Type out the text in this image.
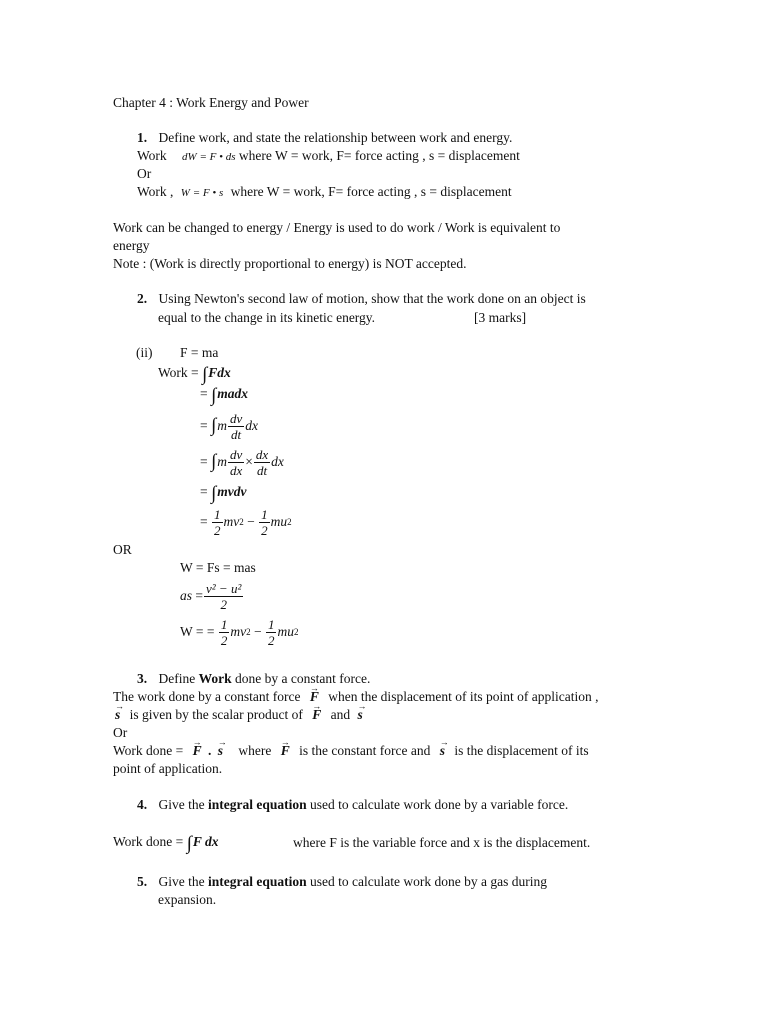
Chapter 4 : Work Energy and Power
1. Define work, and state the relationship between work and energy.
Work dW = F • ds where W = work, F= force acting , s = displacement
Or
Work , W = F • s where W = work, F= force acting , s = displacement
Work can be changed to energy / Energy is used to do work / Work is equivalent to
energy
Note : (Work is directly proportional to energy) is NOT accepted.
2. Using Newton's second law of motion, show that the work done on an object is
equal to the change in its kinetic energy.	[3 marks]
(ii) F = ma
Work = ∫Fdx
= ∫madx
=
∫ m $\frac{dv}{dt}$ dx
=
∫ m $\frac{dv}{dx} \times \frac{dx}{dt}$ dx
= ∫mvdv
=
$\frac{1}{2}$ mv 2
−
$\frac{1}{2}$ mu 2
OR
W = Fs = mas
as
= $\frac{\text{v² − u²}}{2}$
W = =
$\frac{1}{2}$ mv 2
−
$\frac{1}{2}$ mu 2
3. Define Work done by a constant force.
The work done by a constant force → F when the displacement of its point of application ,
→ s is given by the scalar product of → F and → s
Or
Work done = → F . → s where → F is the constant force and → s is the displacement of its
point of application.
4. Give the integral equation used to calculate work done by a variable force.
Work done = ∫F dx	where F is the variable force and x is the displacement.
5. Give the integral equation used to calculate work done by a gas during
expansion.
